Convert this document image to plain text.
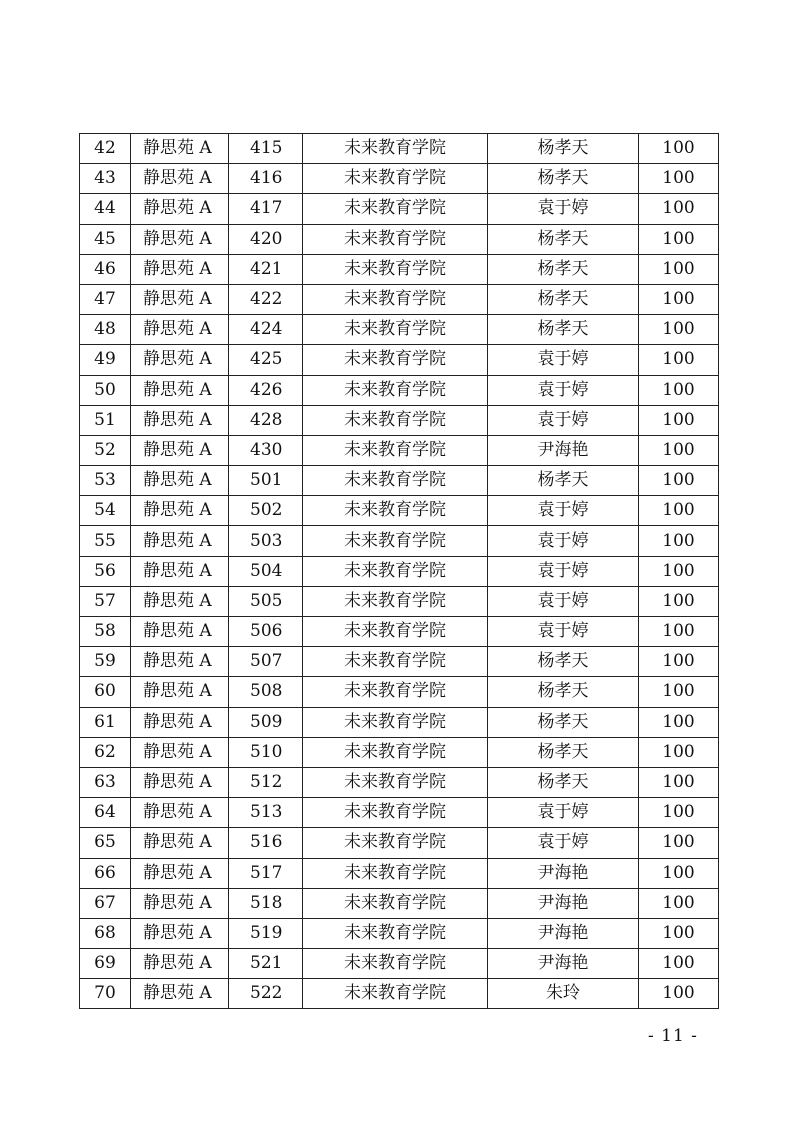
42	静思苑 A	415	未来教育学院	杨孝天	100
43	静思苑 A	416	未来教育学院	杨孝天	100
44	静思苑 A	417	未来教育学院	袁于婷	100
45	静思苑 A	420	未来教育学院	杨孝天	100
46	静思苑 A	421	未来教育学院	杨孝天	100
47	静思苑 A	422	未来教育学院	杨孝天	100
48	静思苑 A	424	未来教育学院	杨孝天	100
49	静思苑 A	425	未来教育学院	袁于婷	100
50	静思苑 A	426	未来教育学院	袁于婷	100
51	静思苑 A	428	未来教育学院	袁于婷	100
52	静思苑 A	430	未来教育学院	尹海艳	100
53	静思苑 A	501	未来教育学院	杨孝天	100
54	静思苑 A	502	未来教育学院	袁于婷	100
55	静思苑 A	503	未来教育学院	袁于婷	100
56	静思苑 A	504	未来教育学院	袁于婷	100
57	静思苑 A	505	未来教育学院	袁于婷	100
58	静思苑 A	506	未来教育学院	袁于婷	100
59	静思苑 A	507	未来教育学院	杨孝天	100
60	静思苑 A	508	未来教育学院	杨孝天	100
61	静思苑 A	509	未来教育学院	杨孝天	100
62	静思苑 A	510	未来教育学院	杨孝天	100
63	静思苑 A	512	未来教育学院	杨孝天	100
64	静思苑 A	513	未来教育学院	袁于婷	100
65	静思苑 A	516	未来教育学院	袁于婷	100
66	静思苑 A	517	未来教育学院	尹海艳	100
67	静思苑 A	518	未来教育学院	尹海艳	100
68	静思苑 A	519	未来教育学院	尹海艳	100
69	静思苑 A	521	未来教育学院	尹海艳	100
70	静思苑 A	522	未来教育学院	朱玲	100
- 11 -
